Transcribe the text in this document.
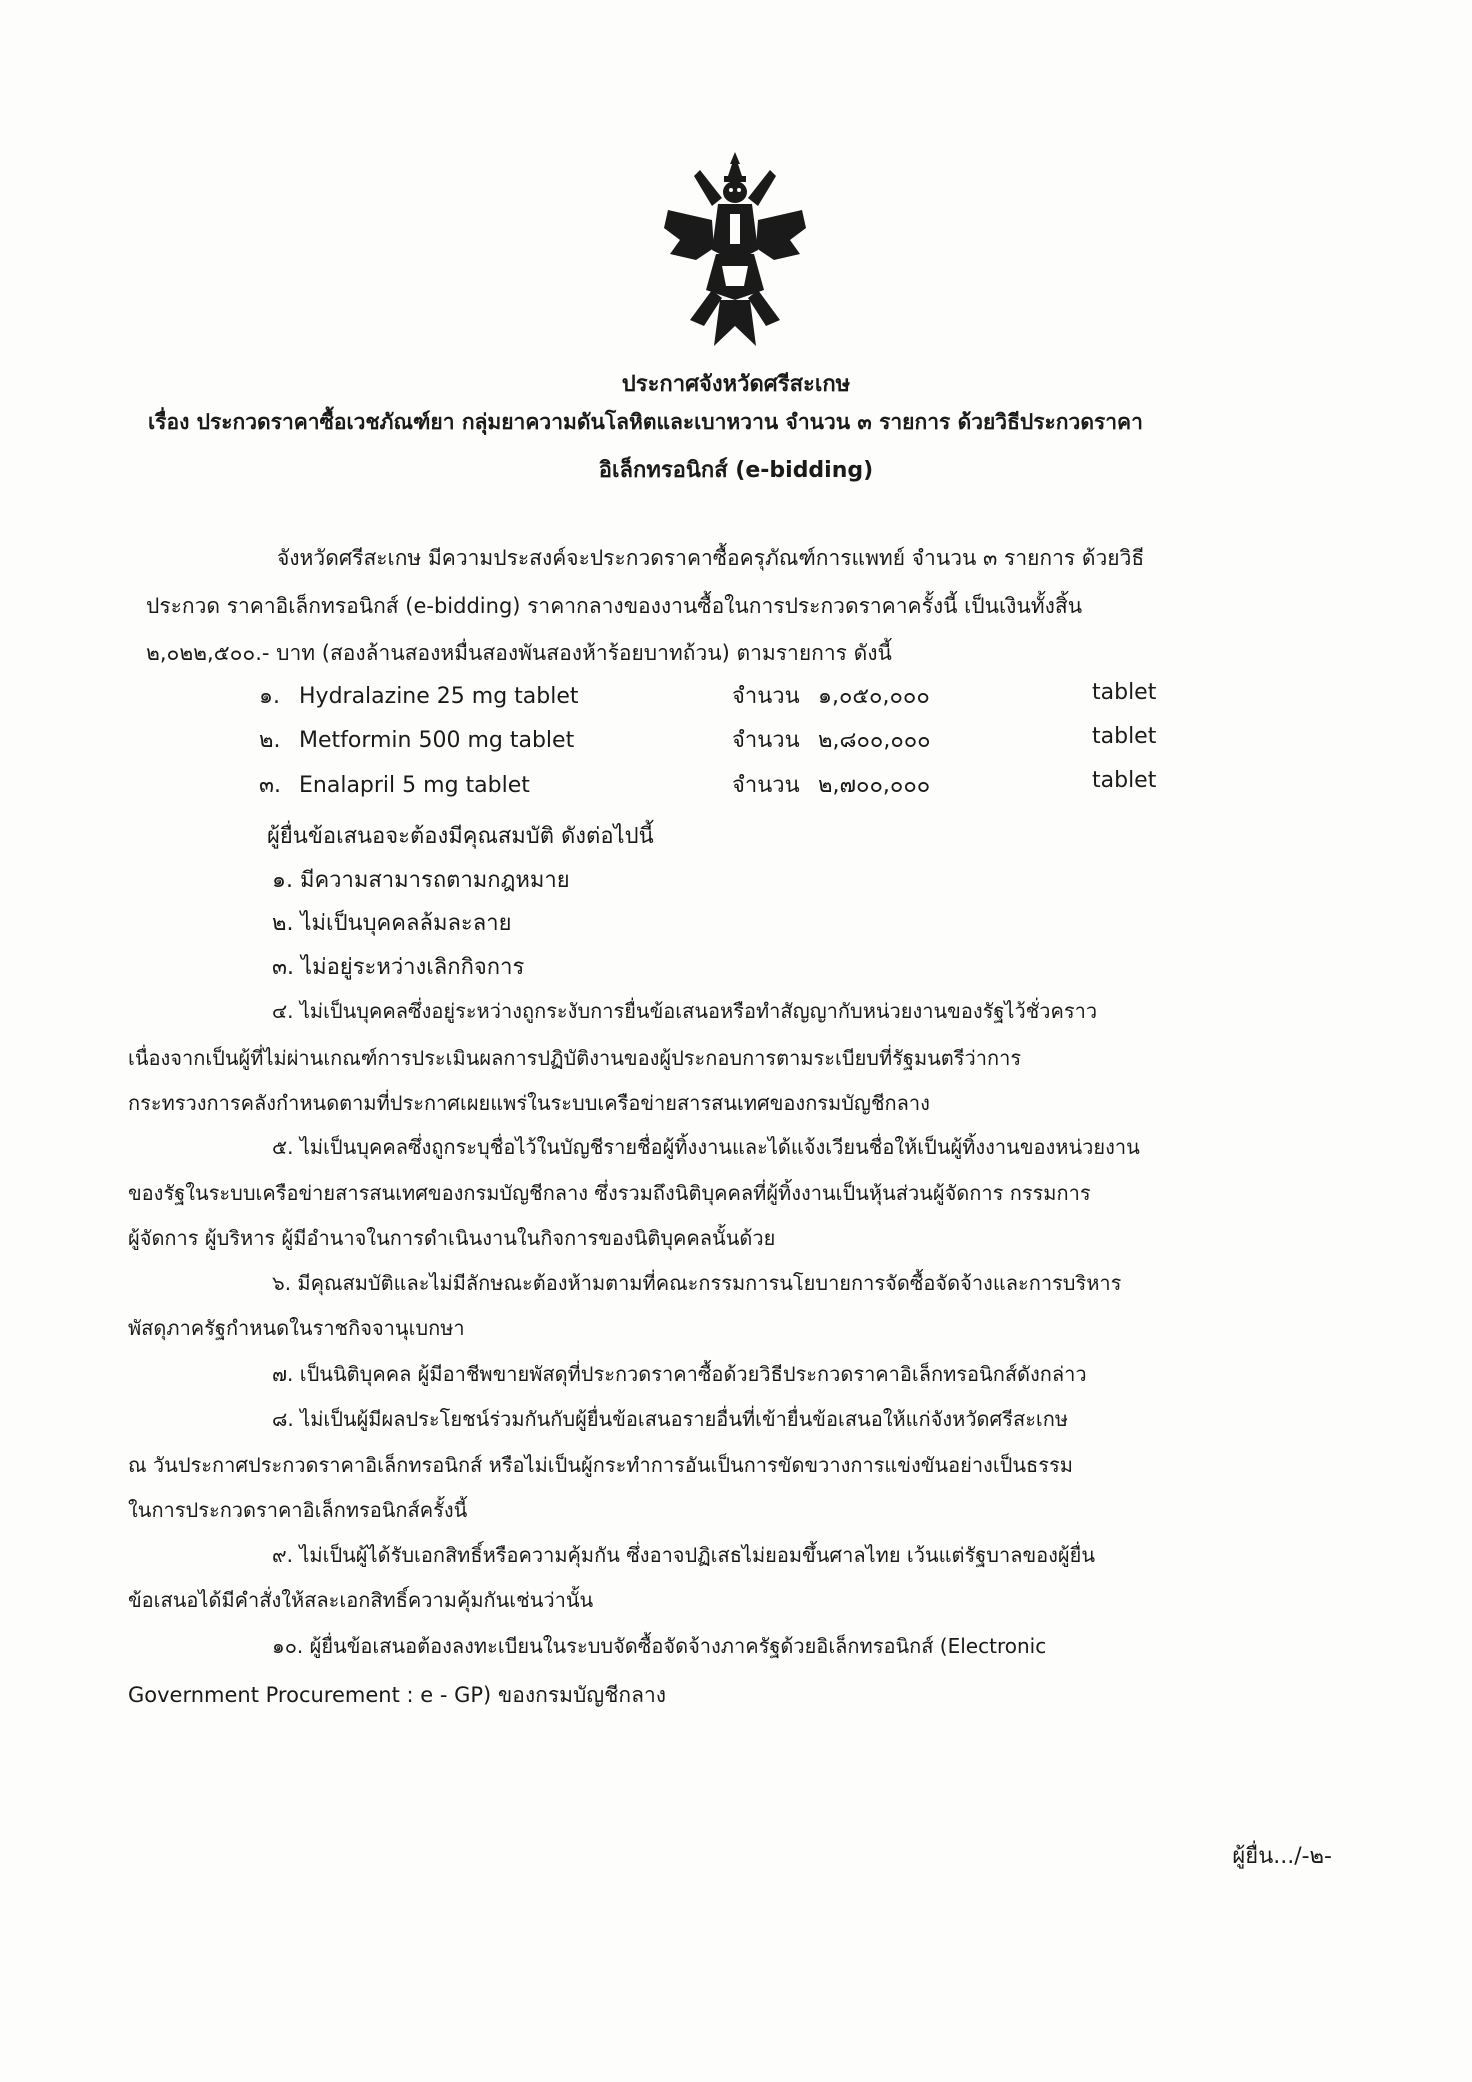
ประกาศจังหวัดศรีสะเกษ
เรื่อง ประกวดราคาซื้อเวชภัณฑ์ยา กลุ่มยาความดันโลหิตและเบาหวาน จำนวน ๓ รายการ ด้วยวิธีประกวดราคา
อิเล็กทรอนิกส์ (e-bidding)
จังหวัดศรีสะเกษ มีความประสงค์จะประกวดราคาซื้อครุภัณฑ์การแพทย์ จำนวน ๓ รายการ ด้วยวิธี
ประกวด ราคาอิเล็กทรอนิกส์ (e-bidding) ราคากลางของงานซื้อในการประกวดราคาครั้งนี้ เป็นเงินทั้งสิ้น
๒,๐๒๒,๕๐๐.- บาท (สองล้านสองหมื่นสองพันสองห้าร้อยบาทถ้วน) ตามรายการ ดังนี้
๑. Hydralazine 25 mg tablet	จำนวน ๑,๐๕๐,๐๐๐	tablet
๒. Metformin 500 mg tablet	จำนวน ๒,๘๐๐,๐๐๐	tablet
๓. Enalapril 5 mg tablet	จำนวน ๒,๗๐๐,๐๐๐	tablet
ผู้ยื่นข้อเสนอจะต้องมีคุณสมบัติ ดังต่อไปนี้
๑. มีความสามารถตามกฎหมาย
๒. ไม่เป็นบุคคลล้มละลาย
๓. ไม่อยู่ระหว่างเลิกกิจการ
๔. ไม่เป็นบุคคลซึ่งอยู่ระหว่างถูกระงับการยื่นข้อเสนอหรือทำสัญญากับหน่วยงานของรัฐไว้ชั่วคราว
เนื่องจากเป็นผู้ที่ไม่ผ่านเกณฑ์การประเมินผลการปฏิบัติงานของผู้ประกอบการตามระเบียบที่รัฐมนตรีว่าการ
กระทรวงการคลังกำหนดตามที่ประกาศเผยแพร่ในระบบเครือข่ายสารสนเทศของกรมบัญชีกลาง
๕. ไม่เป็นบุคคลซึ่งถูกระบุชื่อไว้ในบัญชีรายชื่อผู้ทิ้งงานและได้แจ้งเวียนชื่อให้เป็นผู้ทิ้งงานของหน่วยงาน
ของรัฐในระบบเครือข่ายสารสนเทศของกรมบัญชีกลาง ซึ่งรวมถึงนิติบุคคลที่ผู้ทิ้งงานเป็นหุ้นส่วนผู้จัดการ กรรมการ
ผู้จัดการ ผู้บริหาร ผู้มีอำนาจในการดำเนินงานในกิจการของนิติบุคคลนั้นด้วย
๖. มีคุณสมบัติและไม่มีลักษณะต้องห้ามตามที่คณะกรรมการนโยบายการจัดซื้อจัดจ้างและการบริหาร
พัสดุภาครัฐกำหนดในราชกิจจานุเบกษา
๗. เป็นนิติบุคคล ผู้มีอาชีพขายพัสดุที่ประกวดราคาซื้อด้วยวิธีประกวดราคาอิเล็กทรอนิกส์ดังกล่าว
๘. ไม่เป็นผู้มีผลประโยชน์ร่วมกันกับผู้ยื่นข้อเสนอรายอื่นที่เข้ายื่นข้อเสนอให้แก่จังหวัดศรีสะเกษ
ณ วันประกาศประกวดราคาอิเล็กทรอนิกส์ หรือไม่เป็นผู้กระทำการอันเป็นการขัดขวางการแข่งขันอย่างเป็นธรรม
ในการประกวดราคาอิเล็กทรอนิกส์ครั้งนี้
๙. ไม่เป็นผู้ได้รับเอกสิทธิ์หรือความคุ้มกัน ซึ่งอาจปฏิเสธไม่ยอมขึ้นศาลไทย เว้นแต่รัฐบาลของผู้ยื่น
ข้อเสนอได้มีคำสั่งให้สละเอกสิทธิ์ความคุ้มกันเช่นว่านั้น
๑๐. ผู้ยื่นข้อเสนอต้องลงทะเบียนในระบบจัดซื้อจัดจ้างภาครัฐด้วยอิเล็กทรอนิกส์ (Electronic
Government Procurement : e - GP) ของกรมบัญชีกลาง
ผู้ยื่น.../-๒-
